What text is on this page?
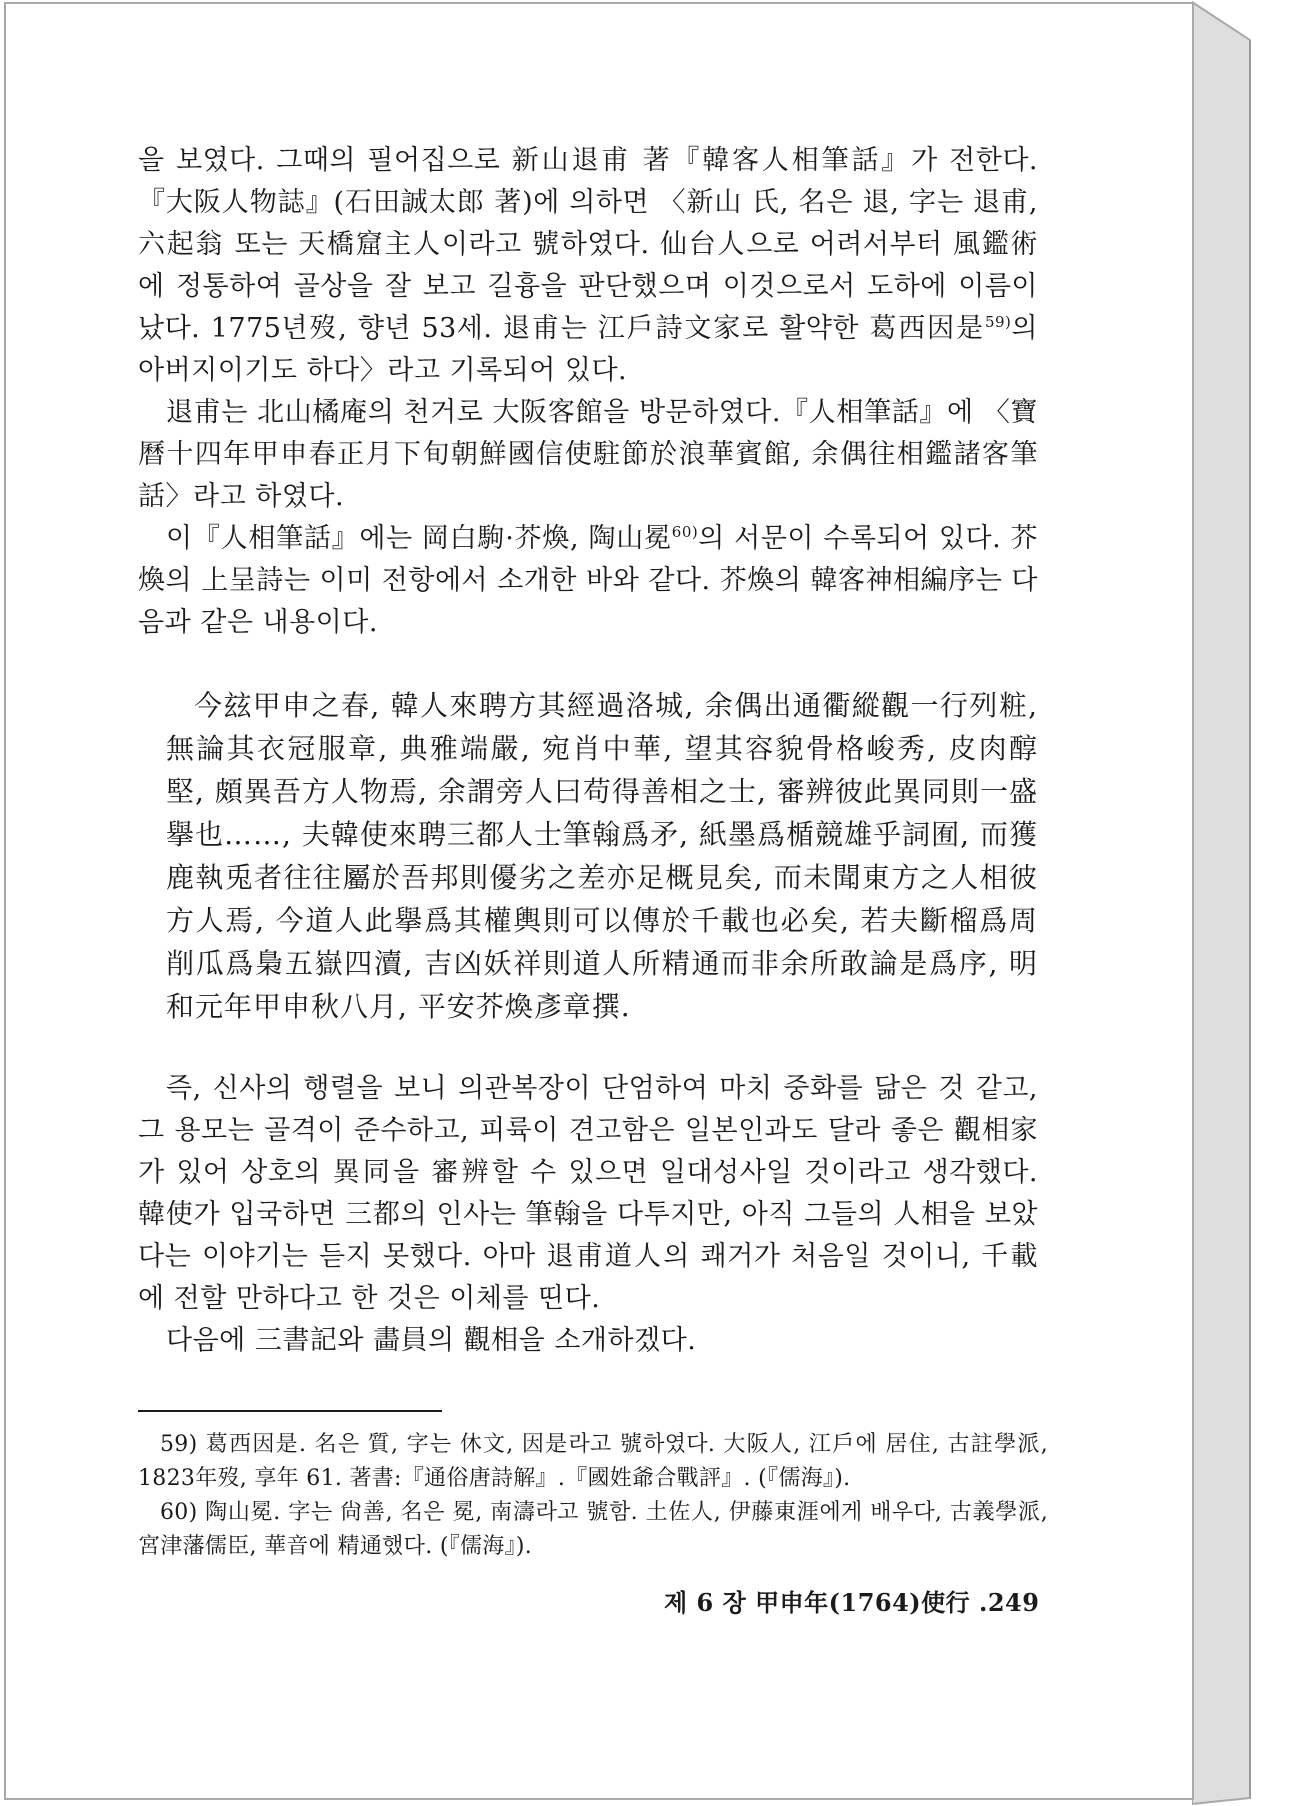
을 보였다. 그때의 필어집으로 新山退甫 著『韓客人相筆話』가 전한다.『大阪人物誌』(石田誠太郎 著)에 의하면 〈新山 氏, 名은 退, 字는 退甫, 六起翁 또는 天橋窟主人이라고 號하였다. 仙台人으로 어려서부터 風鑑術에 정통하여 골상을 잘 보고 길흉을 판단했으며 이것으로서 도하에 이름이 났다. 1775년歿, 향년 53세. 退甫는 江戶詩文家로 활약한 葛西因是$^{59)}$의 아버지이기도 하다〉라고 기록되어 있다.

退甫는 北山橘庵의 천거로 大阪客館을 방문하였다.『人相筆話』에 〈寶曆十四年甲申春正月下旬朝鮮國信使駐節於浪華賓館, 余偶往相鑑諸客筆話〉라고 하였다.

이『人相筆話』에는 岡白駒·芥煥, 陶山冕$^{60)}$의 서문이 수록되어 있다. 芥煥의 上呈詩는 이미 전항에서 소개한 바와 같다. 芥煥의 韓客神相編序는 다음과 같은 내용이다.

今玆甲申之春, 韓人來聘方其經過洛城, 余偶出通衢縱觀一行列粧, 無論其衣冠服章, 典雅端嚴, 宛肖中華, 望其容貌骨格峻秀, 皮肉醇堅, 頗異吾方人物焉, 余謂旁人曰苟得善相之士, 審辨彼此異同則一盛擧也……, 夫韓使來聘三都人士筆翰爲矛, 紙墨爲楯競雄乎詞囿, 而獲鹿執兎者往往屬於吾邦則優劣之差亦足概見矣, 而未聞東方之人相彼方人焉, 今道人此擧爲其權輿則可以傳於千載也必矣, 若夫斷榴爲周削瓜爲梟五嶽四瀆, 吉凶妖祥則道人所精通而非余所敢論是爲序, 明和元年甲申秋八月, 平安芥煥彥章撰.

즉, 신사의 행렬을 보니 의관복장이 단엄하여 마치 중화를 닮은 것 같고, 그 용모는 골격이 준수하고, 피륙이 견고함은 일본인과도 달라 좋은 觀相家가 있어 상호의 異同을 審辨할 수 있으면 일대성사일 것이라고 생각했다. 韓使가 입국하면 三都의 인사는 筆翰을 다투지만, 아직 그들의 人相을 보았다는 이야기는 듣지 못했다. 아마 退甫道人의 쾌거가 처음일 것이니, 千載에 전할 만하다고 한 것은 이체를 띤다.

다음에 三書記와 畵員의 觀相을 소개하겠다.

59) 葛西因是. 名은 質, 字는 休文, 因是라고 號하였다. 大阪人, 江戶에 居住, 古註學派, 1823年歿, 享年 61. 著書:『通俗唐詩解』.『國姓爺合戰評』. (『儒海』).

60) 陶山冕. 字는 尙善, 名은 冕, 南濤라고 號함. 土佐人, 伊藤東涯에게 배우다, 古義學派, 宮津藩儒臣, 華音에 精通했다. (『儒海』).

제 6 장 甲申年(1764)使行 .249
